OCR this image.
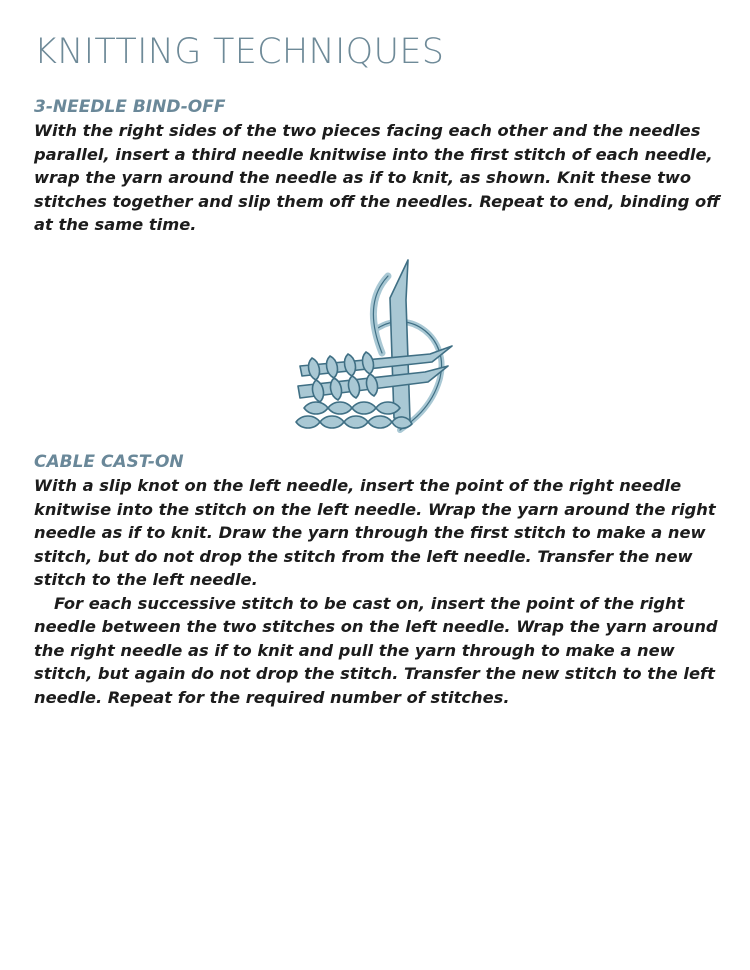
KNITTING TECHNIQUES
3-NEEDLE BIND-OFF

With the right sides of the two pieces facing each other and the needles parallel, insert a third needle knitwise into the first stitch of each needle, wrap the yarn around the needle as if to knit, as shown. Knit these two stitches together and slip them off the needles. Repeat to end, binding off at the same time.

CABLE CAST-ON

With a slip knot on the left needle, insert the point of the right needle knitwise into the stitch on the left needle. Wrap the yarn around the right needle as if to knit. Draw the yarn through the first stitch to make a new stitch, but do not drop the stitch from the left needle. Transfer the new stitch to the left needle.

For each successive stitch to be cast on, insert the point of the right needle between the two stitches on the left needle. Wrap the yarn around the right needle as if to knit and pull the yarn through to make a new stitch, but again do not drop the stitch. Transfer the new stitch to the left needle. Repeat for the required number of stitches.
